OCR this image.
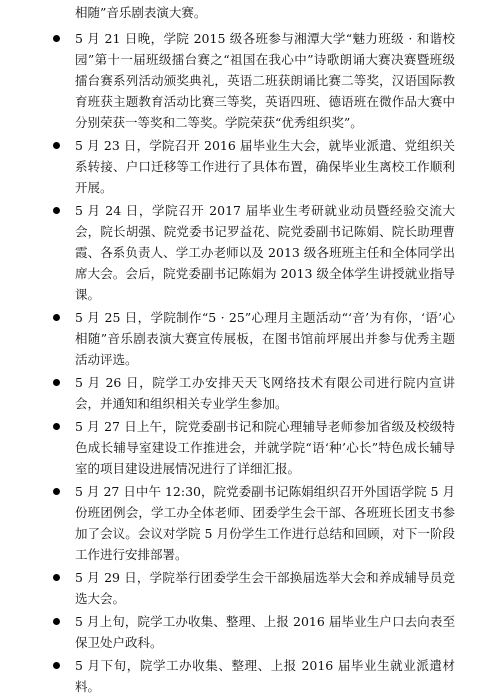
相随”音乐剧表演大赛。
5 月 21 日晚，学院 2015 级各班参与湘潭大学“魅力班级 · 和谐校园”第十一届班级擂台赛之“祖国在我心中”诗歌朗诵大赛决赛暨班级擂台赛系列活动颁奖典礼，英语二班获朗诵比赛二等奖，汉语国际教育班获主题教育活动比赛三等奖，英语四班、德语班在微作品大赛中分别荣获一等奖和二等奖。学院荣获“优秀组织奖”。
5 月 23 日，学院召开 2016 届毕业生大会，就毕业派遣、党组织关系转接、户口迁移等工作进行了具体布置，确保毕业生离校工作顺利开展。
5 月 24 日，学院召开 2017 届毕业生考研就业动员暨经验交流大会，院长胡强、院党委书记罗益花、院党委副书记陈娟、院长助理曹霞、各系负责人、学工办老师以及 2013 级各班班主任和全体同学出席大会。会后，院党委副书记陈娟为 2013 级全体学生讲授就业指导课。
5 月 25 日，学院制作“5 · 25”心理月主题活动“‘音’为有你，‘语’心相随”音乐剧表演大赛宣传展板，在图书馆前坪展出并参与优秀主题活动评选。
5 月 26 日，院学工办安排天天飞网络技术有限公司进行院内宣讲会，并通知和组织相关专业学生参加。
5 月 27 日上午，院党委副书记和院心理辅导老师参加省级及校级特色成长辅导室建设工作推进会，并就学院“语‘种’心长”特色成长辅导室的项目建设进展情况进行了详细汇报。
5 月 27 日中午 12:30，院党委副书记陈娟组织召开外国语学院 5 月份班团例会，学工办全体老师、团委学生会干部、各班班长团支书参加了会议。会议对学院 5 月份学生工作进行总结和回顾，对下一阶段工作进行安排部署。
5 月 29 日，学院举行团委学生会干部换届选举大会和养成辅导员竞选大会。
5 月上旬，院学工办收集、整理、上报 2016 届毕业生户口去向表至保卫处户政科。
5 月下旬，院学工办收集、整理、上报 2016 届毕业生就业派遣材料。
